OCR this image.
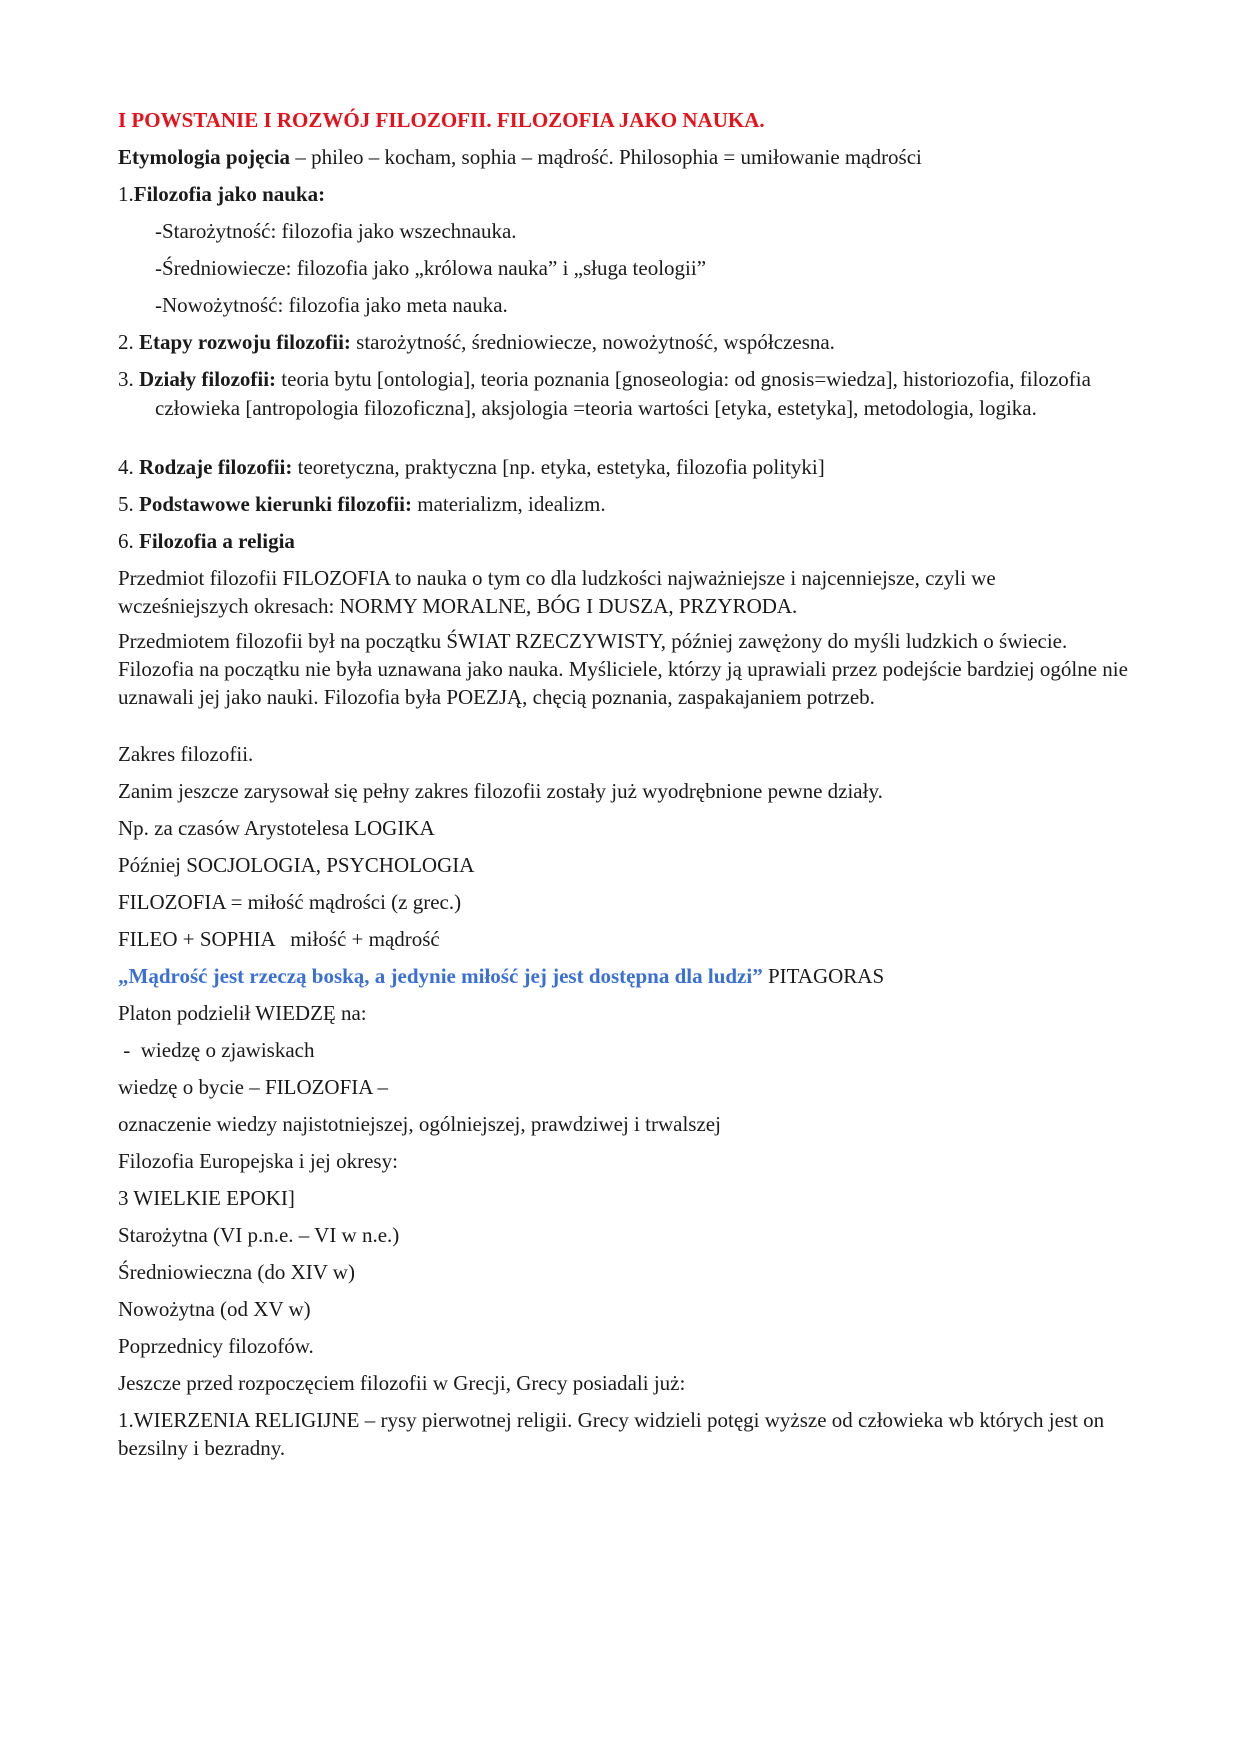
I POWSTANIE I ROZWÓJ FILOZOFII. FILOZOFIA JAKO NAUKA.
Etymologia pojęcia – phileo – kocham, sophia – mądrość. Philosophia = umiłowanie mądrości
1.Filozofia jako nauka:
-Starożytność: filozofia jako wszechnauka.
-Średniowiecze: filozofia jako „królowa nauka” i „sługa teologii”
-Nowożytność: filozofia jako meta nauka.
2. Etapy rozwoju filozofii: starożytność, średniowiecze, nowożytność, współczesna.
3. Działy filozofii: teoria bytu [ontologia], teoria poznania [gnoseologia: od gnosis=wiedza], historiozofia, filozofia człowieka [antropologia filozoficzna], aksjologia =teoria wartości [etyka, estetyka], metodologia, logika.
4. Rodzaje filozofii: teoretyczna, praktyczna [np. etyka, estetyka, filozofia polityki]
5. Podstawowe kierunki filozofii: materializm, idealizm.
6. Filozofia a religia
Przedmiot filozofii FILOZOFIA to nauka o tym co dla ludzkości najważniejsze i najcenniejsze, czyli we wcześniejszych okresach: NORMY MORALNE, BÓG I DUSZA, PRZYRODA.
Przedmiotem filozofii był na początku ŚWIAT RZECZYWISTY, później zawężony do myśli ludzkich o świecie. Filozofia na początku nie była uznawana jako nauka. Myśliciele, którzy ją uprawiali przez podejście bardziej ogólne nie uznawali jej jako nauki. Filozofia była POEZJĄ, chęcią poznania, zaspakajaniem potrzeb.
Zakres filozofii.
Zanim jeszcze zarysował się pełny zakres filozofii zostały już wyodrębnione pewne działy.
Np. za czasów Arystotelesa LOGIKA
Później SOCJOLOGIA, PSYCHOLOGIA
FILOZOFIA = miłość mądrości (z grec.)
FILEO + SOPHIA   miłość + mądrość
„Mądrość jest rzeczą boską, a jedynie miłość jej jest dostępna dla ludzi” PITAGORAS
Platon podzielił WIEDZĘ na:
-  wiedzę o zjawiskach
wiedzę o bycie – FILOZOFIA –
oznaczenie wiedzy najistotniejszej, ogólniejszej, prawdziwej i trwalszej
Filozofia Europejska i jej okresy:
3 WIELKIE EPOKI]
Starożytna (VI p.n.e. – VI w n.e.)
Średniowieczna (do XIV w)
Nowożytna (od XV w)
Poprzednicy filozofów.
Jeszcze przed rozpoczęciem filozofii w Grecji, Grecy posiadali już:
1.WIERZENIA RELIGIJNE – rysy pierwotnej religii. Grecy widzieli potęgi wyższe od człowieka wb których jest on bezsilny i bezradny.
